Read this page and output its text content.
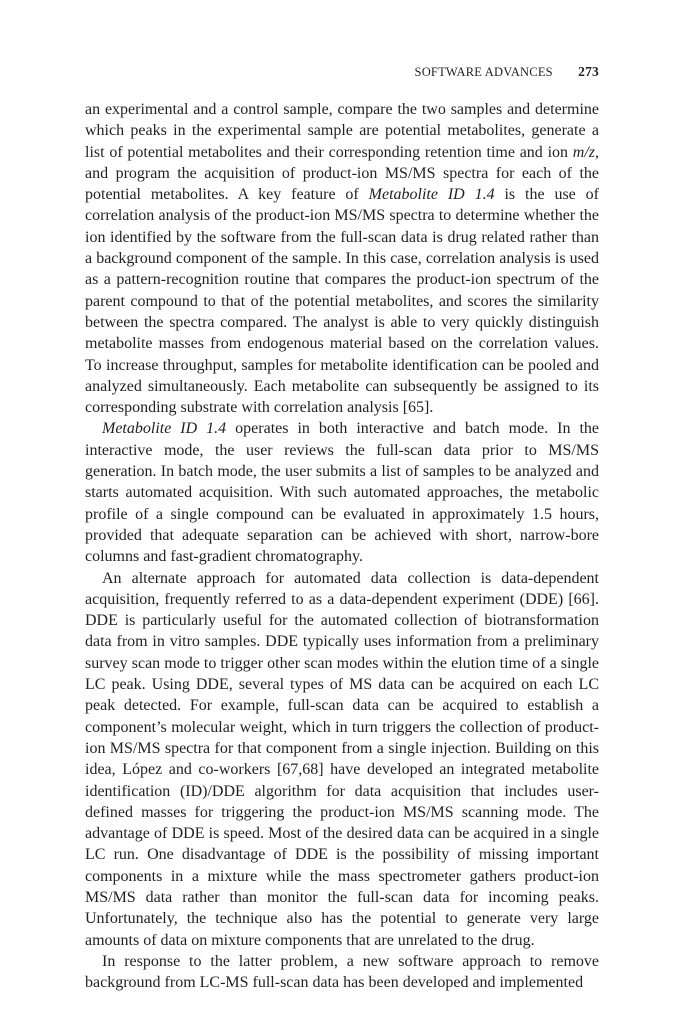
SOFTWARE ADVANCES 273

an experimental and a control sample, compare the two samples and determine which peaks in the experimental sample are potential metabolites, generate a list of potential metabolites and their corresponding retention time and ion m/z, and program the acquisition of product-ion MS/MS spectra for each of the potential metabolites. A key feature of Metabolite ID 1.4 is the use of correlation analysis of the product-ion MS/MS spectra to determine whether the ion identified by the software from the full-scan data is drug related rather than a background component of the sample. In this case, correlation analysis is used as a pattern-recognition routine that compares the product-ion spectrum of the parent compound to that of the potential metabolites, and scores the similarity between the spectra compared. The analyst is able to very quickly distinguish metabolite masses from endogenous material based on the correlation values. To increase throughput, samples for metabolite identification can be pooled and analyzed simultaneously. Each metabolite can subsequently be assigned to its corresponding substrate with correlation analysis [65].

Metabolite ID 1.4 operates in both interactive and batch mode. In the interactive mode, the user reviews the full-scan data prior to MS/MS generation. In batch mode, the user submits a list of samples to be analyzed and starts automated acquisition. With such automated approaches, the metabolic profile of a single compound can be evaluated in approximately 1.5 hours, provided that adequate separation can be achieved with short, narrow-bore columns and fast-gradient chromatography.

An alternate approach for automated data collection is data-dependent acquisition, frequently referred to as a data-dependent experiment (DDE) [66]. DDE is particularly useful for the automated collection of biotransformation data from in vitro samples. DDE typically uses information from a preliminary survey scan mode to trigger other scan modes within the elution time of a single LC peak. Using DDE, several types of MS data can be acquired on each LC peak detected. For example, full-scan data can be acquired to establish a component’s molecular weight, which in turn triggers the collection of product-ion MS/MS spectra for that component from a single injection. Building on this idea, López and co-workers [67,68] have developed an integrated metabolite identification (ID)/DDE algorithm for data acquisition that includes user-defined masses for triggering the product-ion MS/MS scanning mode. The advantage of DDE is speed. Most of the desired data can be acquired in a single LC run. One disadvantage of DDE is the possibility of missing important components in a mixture while the mass spectrometer gathers product-ion MS/MS data rather than monitor the full-scan data for incoming peaks. Unfortunately, the technique also has the potential to generate very large amounts of data on mixture components that are unrelated to the drug.

In response to the latter problem, a new software approach to remove background from LC-MS full-scan data has been developed and implemented
